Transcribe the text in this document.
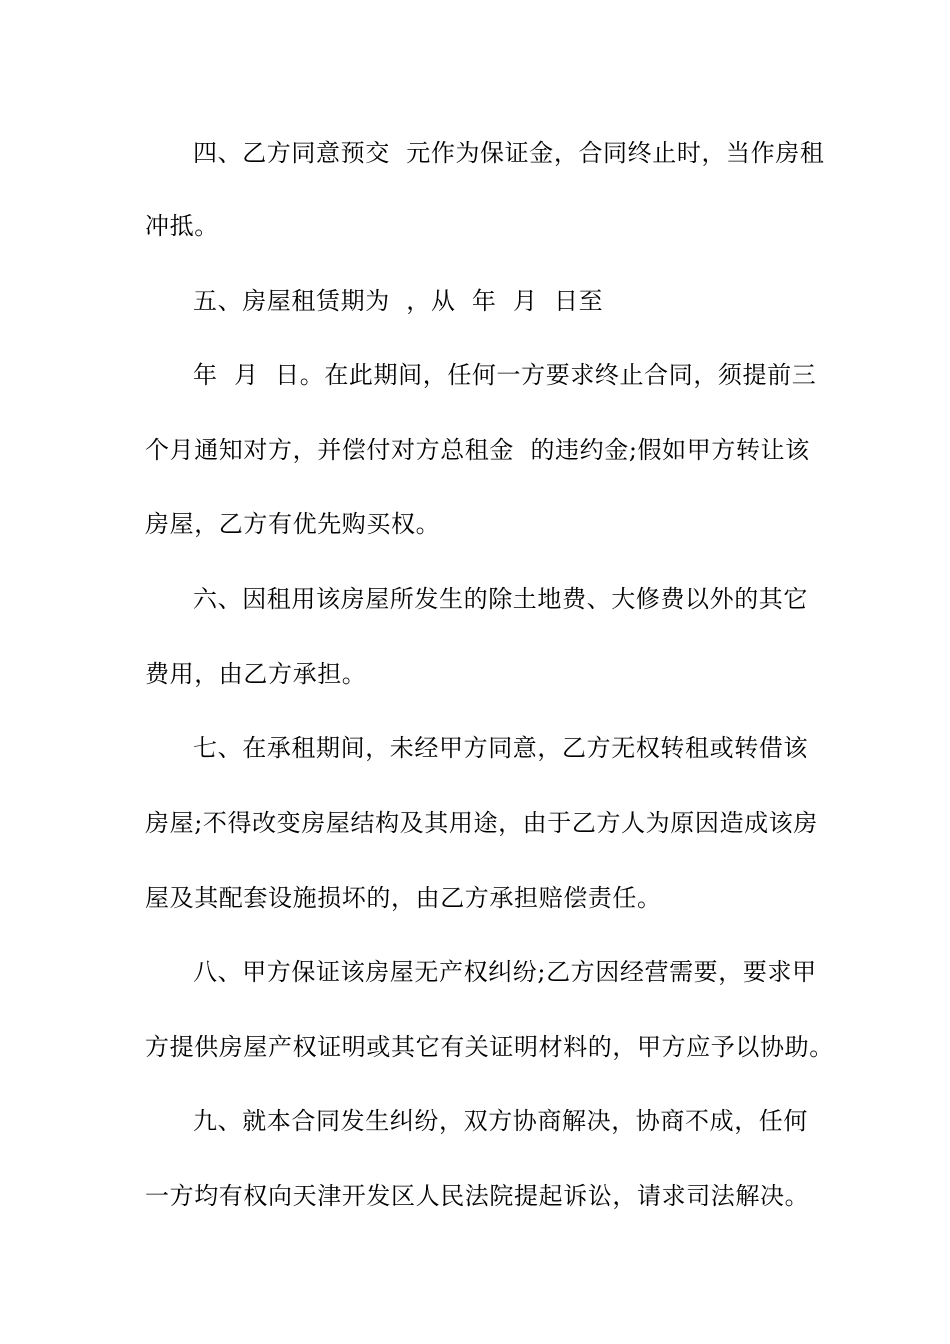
四、乙方同意预交  元作为保证金，合同终止时，当作房租
冲抵。
五、房屋租赁期为  ，从  年  月  日至
年  月  日。在此期间，任何一方要求终止合同，须提前三
个月通知对方，并偿付对方总租金  的违约金;假如甲方转让该
房屋，乙方有优先购买权。
六、因租用该房屋所发生的除土地费、大修费以外的其它
费用，由乙方承担。
七、在承租期间，未经甲方同意，乙方无权转租或转借该
房屋;不得改变房屋结构及其用途，由于乙方人为原因造成该房
屋及其配套设施损坏的，由乙方承担赔偿责任。
八、甲方保证该房屋无产权纠纷;乙方因经营需要，要求甲
方提供房屋产权证明或其它有关证明材料的，甲方应予以协助。
九、就本合同发生纠纷，双方协商解决，协商不成，任何
一方均有权向天津开发区人民法院提起诉讼，请求司法解决。
